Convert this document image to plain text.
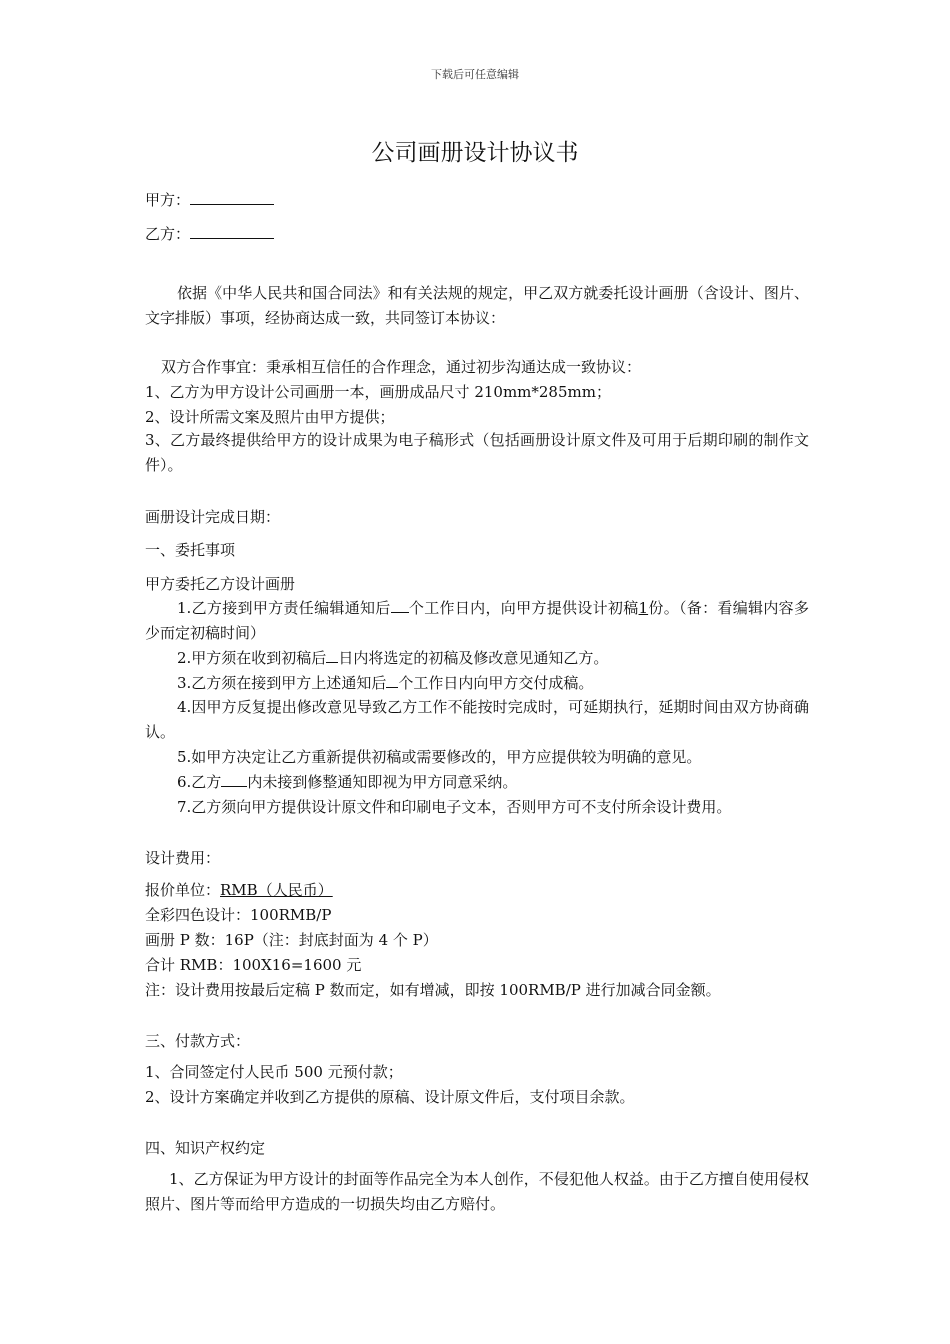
下载后可任意编辑
公司画册设计协议书
甲方：
乙方：
依据《中华人民共和国合同法》和有关法规的规定，甲乙双方就委托设计画册（含设计、图片、文字排版）事项，经协商达成一致，共同签订本协议：
双方合作事宜：秉承相互信任的合作理念，通过初步沟通达成一致协议：
1、乙方为甲方设计公司画册一本，画册成品尺寸 210mm*285mm；
2、设计所需文案及照片由甲方提供；
3、乙方最终提供给甲方的设计成果为电子稿形式（包括画册设计原文件及可用于后期印刷的制作文件）。
画册设计完成日期：
一、委托事项
甲方委托乙方设计画册
1.乙方接到甲方责任编辑通知后 个工作日内，向甲方提供设计初稿1份。（备：看编辑内容多少而定初稿时间）
2.甲方须在收到初稿后 日内将选定的初稿及修改意见通知乙方。
3.乙方须在接到甲方上述通知后 个工作日内向甲方交付成稿。
4.因甲方反复提出修改意见导致乙方工作不能按时完成时，可延期执行，延期时间由双方协商确认。
5.如甲方决定让乙方重新提供初稿或需要修改的，甲方应提供较为明确的意见。
6.乙方 内未接到修整通知即视为甲方同意采纳。
7.乙方须向甲方提供设计原文件和印刷电子文本，否则甲方可不支付所余设计费用。
设计费用：
报价单位：RMB（人民币）
全彩四色设计：100RMB/P
画册 P 数：16P（注：封底封面为 4 个 P）
合计 RMB：100X16=1600 元
注：设计费用按最后定稿 P 数而定，如有增减，即按 100RMB/P 进行加减合同金额。
三、付款方式：
1、合同签定付人民币 500 元预付款；
2、设计方案确定并收到乙方提供的原稿、设计原文件后，支付项目余款。
四、知识产权约定
1、乙方保证为甲方设计的封面等作品完全为本人创作，不侵犯他人权益。由于乙方擅自使用侵权照片、图片等而给甲方造成的一切损失均由乙方赔付。
